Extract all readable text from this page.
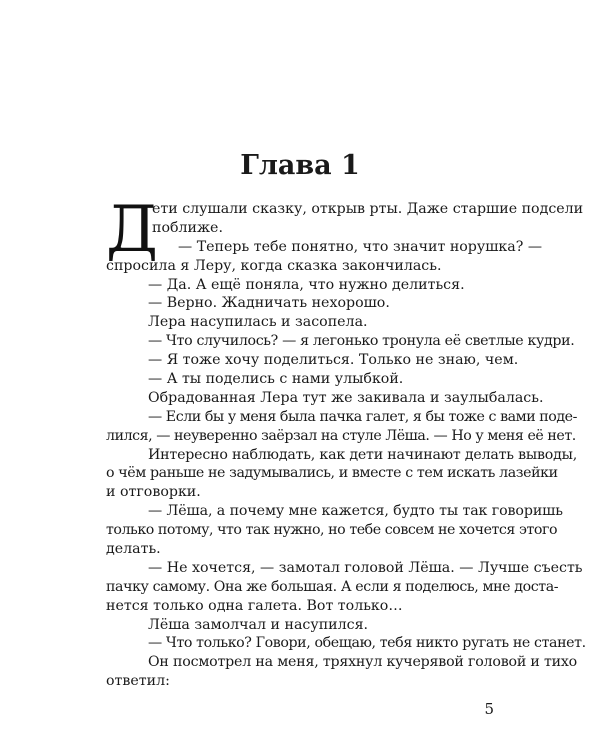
Глава 1
Д
ети слушали сказку, открыв рты. Даже старшие подсели
поближе.
— Теперь тебе понятно, что значит норушка? —
спросила я Леру, когда сказка закончилась.
— Да. А ещё поняла, что нужно делиться.
— Верно. Жадничать нехорошо.
Лера насупилась и засопела.
— Что случилось? — я легонько тронула её светлые кудри.
— Я тоже хочу поделиться. Только не знаю, чем.
— А ты поделись с нами улыбкой.
Обрадованная Лера тут же закивала и заулыбалась.
— Если бы у меня была пачка галет, я бы тоже с вами поде-
лился, — неуверенно заёрзал на стуле Лёша. — Но у меня её нет.
Интересно наблюдать, как дети начинают делать выводы,
о чём раньше не задумывались, и вместе с тем искать лазейки
и отговорки.
— Лёша, а почему мне кажется, будто ты так говоришь
только потому, что так нужно, но тебе совсем не хочется этого
делать.
— Не хочется, — замотал головой Лёша. — Лучше съесть
пачку самому. Она же большая. А если я поделюсь, мне доста-
нется только одна галета. Вот только…
Лёша замолчал и насупился.
— Что только? Говори, обещаю, тебя никто ругать не станет.
Он посмотрел на меня, тряхнул кучерявой головой и тихо
ответил:
5
